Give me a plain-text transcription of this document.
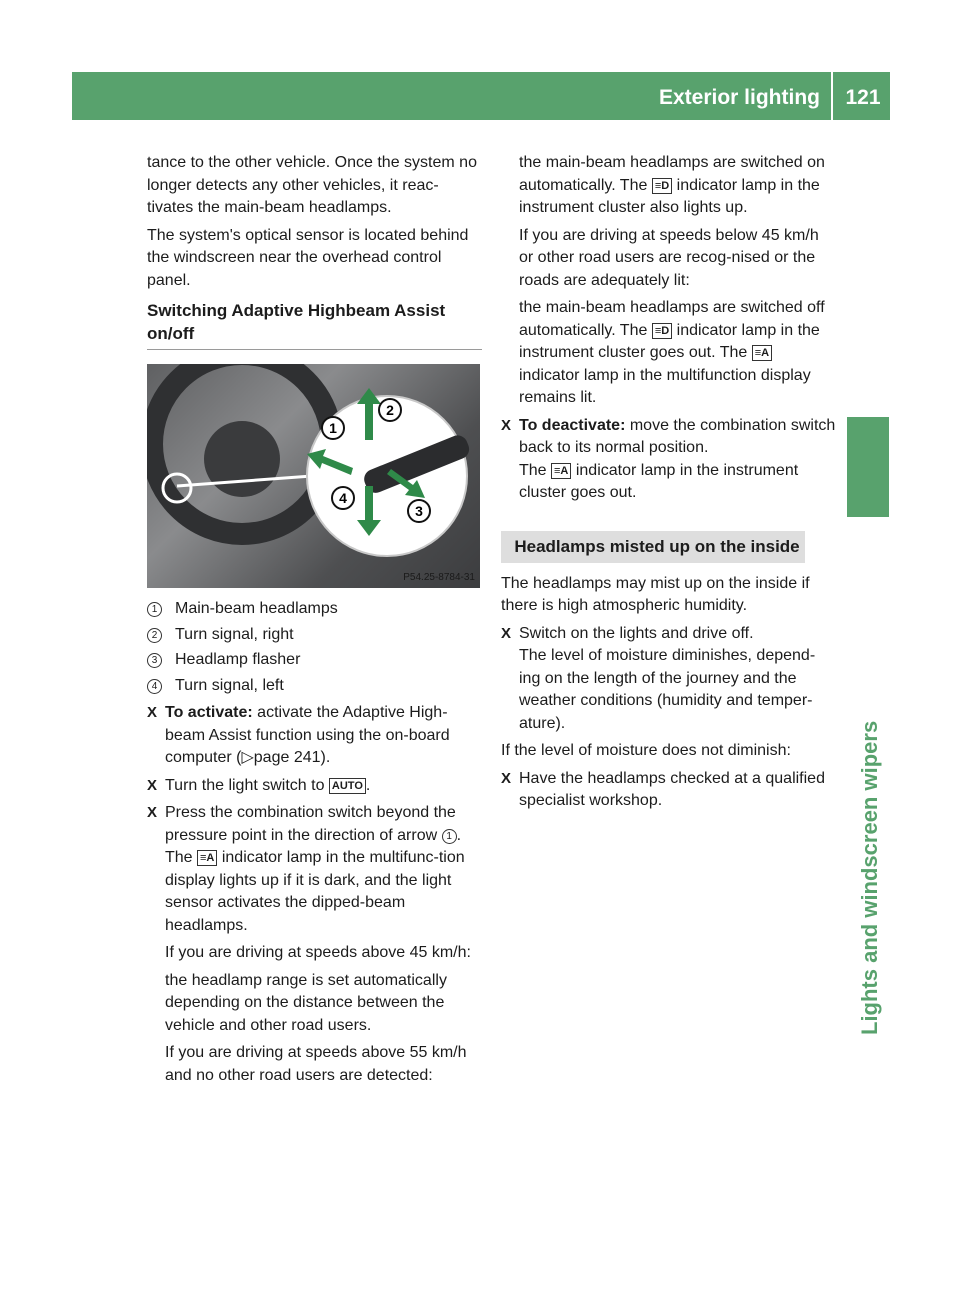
Exterior lighting	121
Lights and windscreen wipers

tance to the other vehicle. Once the system no longer detects any other vehicles, it reac-tivates the main-beam headlamps.

The system's optical sensor is located behind the windscreen near the overhead control panel.

Switching Adaptive Highbeam Assist
on/off
1
2
3
4
P54.25-8784-31
1 Main-beam headlamps
2 Turn signal, right
3 Headlamp flasher
4 Turn signal, left
X To activate: activate the Adaptive High-beam Assist function using the on-board computer (▷page 241).
X Turn the light switch to AUTO .
X Press the combination switch beyond the pressure point in the direction of arrow 1 .
The ≡A indicator lamp in the multifunc-tion display lights up if it is dark, and the light sensor activates the dipped-beam headlamps.

If you are driving at speeds above 45 km/h:

the headlamp range is set automatically depending on the distance between the vehicle and other road users.

If you are driving at speeds above 55 km/h and no other road users are detected:

the main-beam headlamps are switched on automatically. The ≡D indicator lamp in the instrument cluster also lights up.

If you are driving at speeds below 45 km/h or other road users are recog-nised or the roads are adequately lit:

the main-beam headlamps are switched off automatically. The ≡D indicator lamp in the instrument cluster goes out. The ≡A indicator lamp in the multifunction display remains lit.

X To deactivate: move the combination switch back to its normal position.
The ≡A indicator lamp in the instrument cluster goes out.
Headlamps misted up on the inside

The headlamps may mist up on the inside if there is high atmospheric humidity.

X Switch on the lights and drive off.
The level of moisture diminishes, depend-ing on the length of the journey and the weather conditions (humidity and temper-ature).

If the level of moisture does not diminish:

X Have the headlamps checked at a qualified specialist workshop.
